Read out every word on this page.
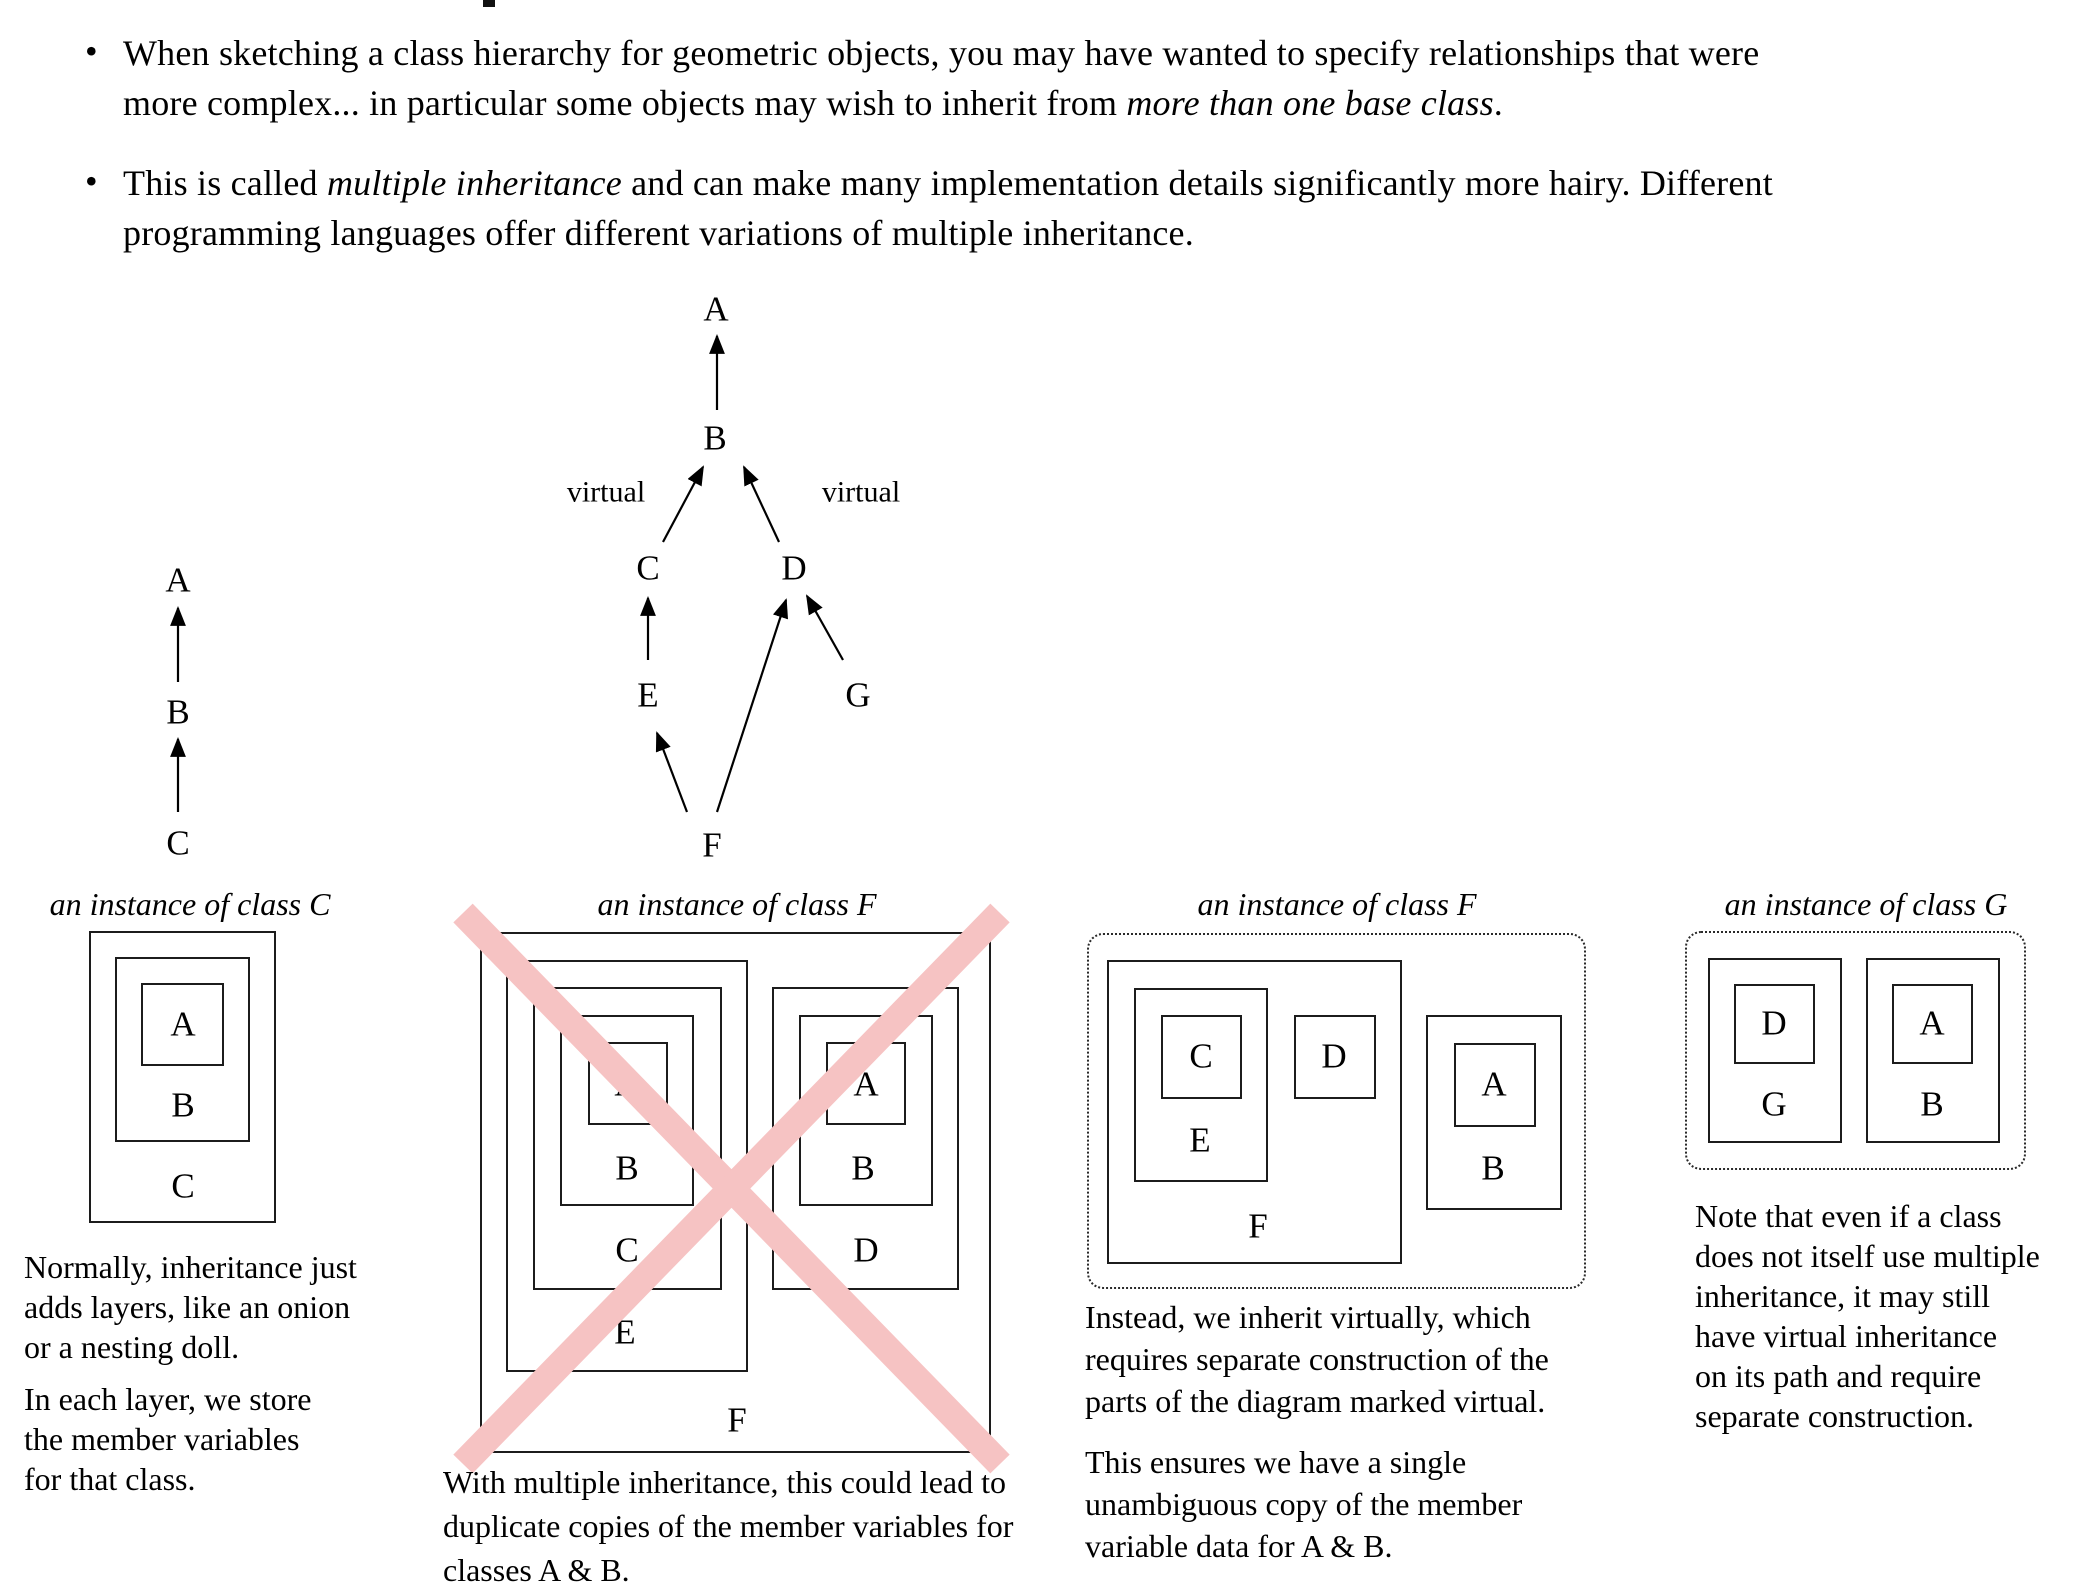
• When sketching a class hierarchy for geometric objects, you may have wanted to specify relationships that were
more complex... in particular some objects may wish to inherit from more than one base class.
• This is called multiple inheritance and can make many implementation details significantly more hairy. Different
programming languages offer different variations of multiple inheritance.
A
B
C
A
B
C	D
E	G
F
virtual	virtual
an instance of class C
A
B
C
an instance of class F
B
C
E
A
B
D
F
an instance of class F
C	D
E
F
A
B
an instance of class G
D
G
A
B
Normally, inheritance just
adds layers, like an onion
or a nesting doll.
In each layer, we store
the member variables
for that class.	With multiple inheritance, this could lead to
duplicate copies of the member variables for
classes A & B.
Instead, we inherit virtually, which
requires separate construction of the
parts of the diagram marked virtual.
This ensures we have a single
unambiguous copy of the member
variable data for A & B.
Note that even if a class
does not itself use multiple
inheritance, it may still
have virtual inheritance
on its path and require
separate construction.
